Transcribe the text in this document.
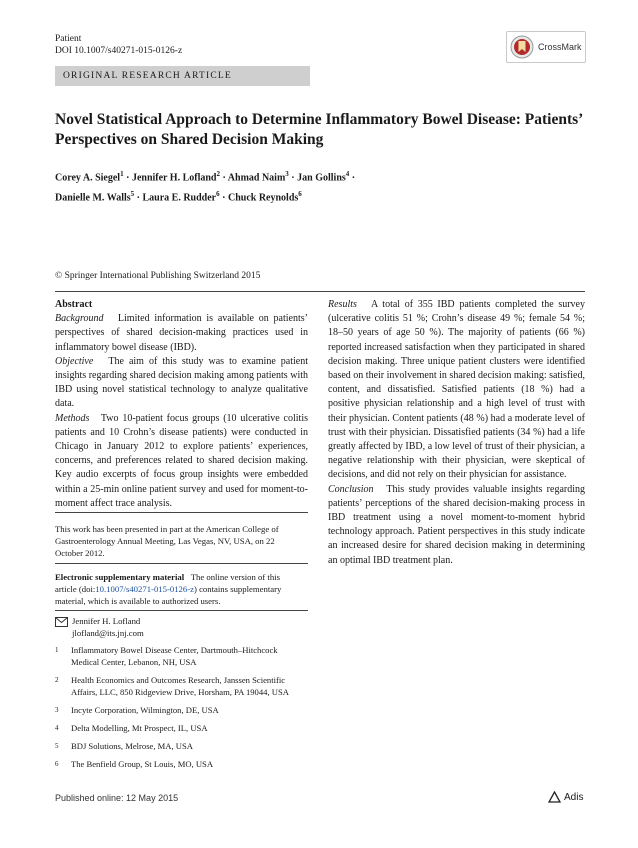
Patient
DOI 10.1007/s40271-015-0126-z	CrossMark
ORIGINAL RESEARCH ARTICLE
Novel Statistical Approach to Determine Inflammatory Bowel Disease: Patients’ Perspectives on Shared Decision Making
Corey A. Siegel$^1$ · Jennifer H. Lofland$^2$ · Ahmad Naim$^3$ · Jan Gollins$^4$ ·
Danielle M. Walls$^5$ · Laura E. Rudder$^6$ · Chuck Reynolds$^6$
© Springer International Publishing Switzerland 2015

Abstract

Background Limited information is available on patients’ perspectives of shared decision-making practices used in inflammatory bowel disease (IBD).

Objective The aim of this study was to examine patient insights regarding shared decision making among patients with IBD using novel statistical technology to analyze qualitative data.

Methods Two 10-patient focus groups (10 ulcerative colitis patients and 10 Crohn’s disease patients) were conducted in Chicago in January 2012 to explore patients’ experiences, concerns, and preferences related to shared decision making. Key audio excerpts of focus group insights were embedded within a 25-min online patient survey and used for moment-to-moment affect trace analysis.

Results A total of 355 IBD patients completed the survey (ulcerative colitis 51 %; Crohn’s disease 49 %; female 54 %; 18–50 years of age 50 %). The majority of patients (66 %) reported increased satisfaction when they participated in shared decision making. Three unique patient clusters were identified based on their involvement in shared decision making: satisfied, content, and dissatisfied. Satisfied patients (18 %) had a positive physician relationship and a high level of trust with their physician. Content patients (48 %) had a moderate level of trust with their physician. Dissatisfied patients (34 %) had a life greatly affected by IBD, a low level of trust of their physician, a negative relationship with their physician, were skeptical of decisions, and did not rely on their physician for assistance.

Conclusion This study provides valuable insights regarding patients’ perceptions of the shared decision-making process in IBD treatment using a novel moment-to-moment hybrid technology approach. Patient perspectives in this study indicate an increased desire for shared decision making in determining an optimal IBD treatment plan.

This work has been presented in part at the American College of Gastroenterology Annual Meeting, Las Vegas, NV, USA, on 22 October 2012.
Electronic supplementary material The online version of this article (doi:10.1007/s40271-015-0126-z) contains supplementary material, which is available to authorized users.
Jennifer H. Lofland
jlofland@its.jnj.com
1	Inflammatory Bowel Disease Center, Dartmouth–Hitchcock Medical Center, Lebanon, NH, USA
2	Health Economics and Outcomes Research, Janssen Scientific Affairs, LLC, 850 Ridgeview Drive, Horsham, PA 19044, USA
3	Incyte Corporation, Wilmington, DE, USA
4	Delta Modelling, Mt Prospect, IL, USA
5	BDJ Solutions, Melrose, MA, USA
6	The Benfield Group, St Louis, MO, USA
Published online: 12 May 2015	Adis
